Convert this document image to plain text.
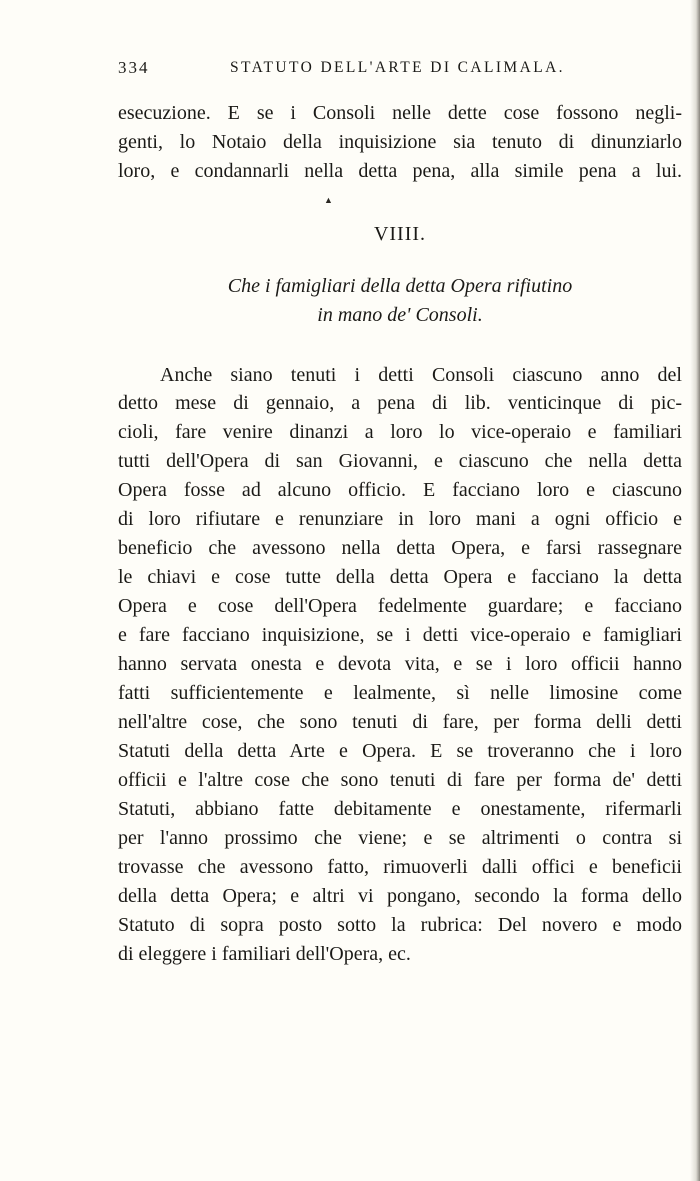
334	STATUTO DELL'ARTE DI CALIMALA.
esecuzione. E se i Consoli nelle dette cose fossono negli-
genti, lo Notaio della inquisizione sia tenuto di dinunziarlo
loro, e condannarli nella detta pena, alla simile pena a lui.
▲
VIIII.
Che i famigliari della detta Opera rifiutino
in mano de' Consoli.
Anche siano tenuti i detti Consoli ciascuno anno del
detto mese di gennaio, a pena di lib. venticinque di pic-
cioli, fare venire dinanzi a loro lo vice-operaio e familiari
tutti dell'Opera di san Giovanni, e ciascuno che nella detta
Opera fosse ad alcuno officio. E facciano loro e ciascuno
di loro rifiutare e renunziare in loro mani a ogni officio e
beneficio che avessono nella detta Opera, e farsi rassegnare
le chiavi e cose tutte della detta Opera e facciano la detta
Opera e cose dell'Opera fedelmente guardare; e facciano
e fare facciano inquisizione, se i detti vice-operaio e famigliari
hanno servata onesta e devota vita, e se i loro officii hanno
fatti sufficientemente e lealmente, sì nelle limosine come
nell'altre cose, che sono tenuti di fare, per forma delli detti
Statuti della detta Arte e Opera. E se troveranno che i loro
officii e l'altre cose che sono tenuti di fare per forma de' detti
Statuti, abbiano fatte debitamente e onestamente, rifermarli
per l'anno prossimo che viene; e se altrimenti o contra si
trovasse che avessono fatto, rimuoverli dalli offici e beneficii
della detta Opera; e altri vi pongano, secondo la forma dello
Statuto di sopra posto sotto la rubrica: Del novero e modo
di eleggere i familiari dell'Opera, ec.
